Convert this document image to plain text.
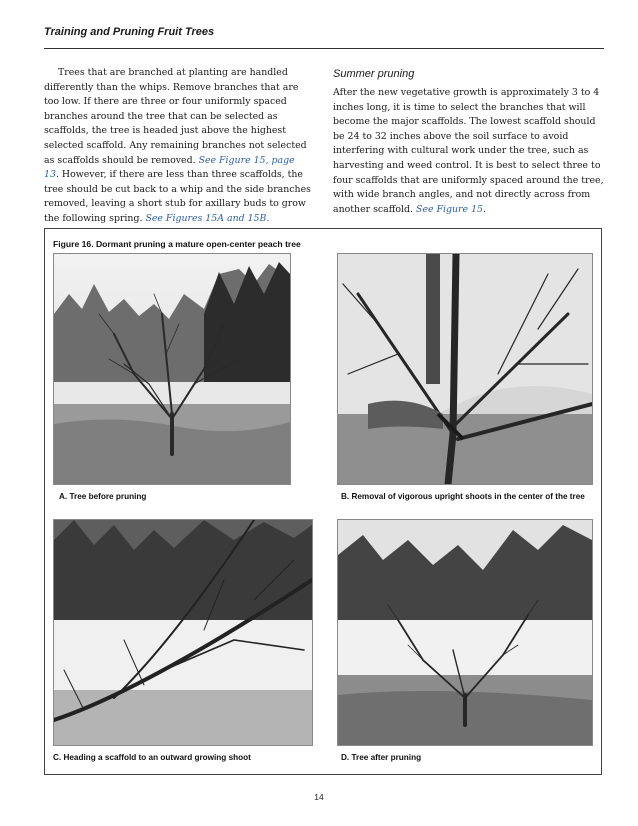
Training and Pruning Fruit Trees

Trees that are branched at planting are handled differently than the whips. Remove branches that are too low. If there are three or four uniformly spaced branches around the tree that can be selected as scaffolds, the tree is headed just above the highest selected scaffold. Any remaining branches not selected as scaffolds should be removed. See Figure 15, page 13. However, if there are less than three scaffolds, the tree should be cut back to a whip and the side branches removed, leaving a short stub for axillary buds to grow the following spring. See Figures 15A and 15B.

Summer pruning

After the new vegetative growth is approximately 3 to 4 inches long, it is time to select the branches that will become the major scaffolds. The lowest scaffold should be 24 to 32 inches above the soil surface to avoid interfering with cultural work under the tree, such as harvesting and weed control. It is best to select three to four scaffolds that are uniformly spaced around the tree, with wide branch angles, and not directly across from another scaffold. See Figure 15.

Figure 16. Dormant pruning a mature open-center peach tree
A. Tree before pruning	B. Removal of vigorous upright shoots in the center of the tree
C. Heading a scaffold to an outward growing shoot	D. Tree after pruning
14
